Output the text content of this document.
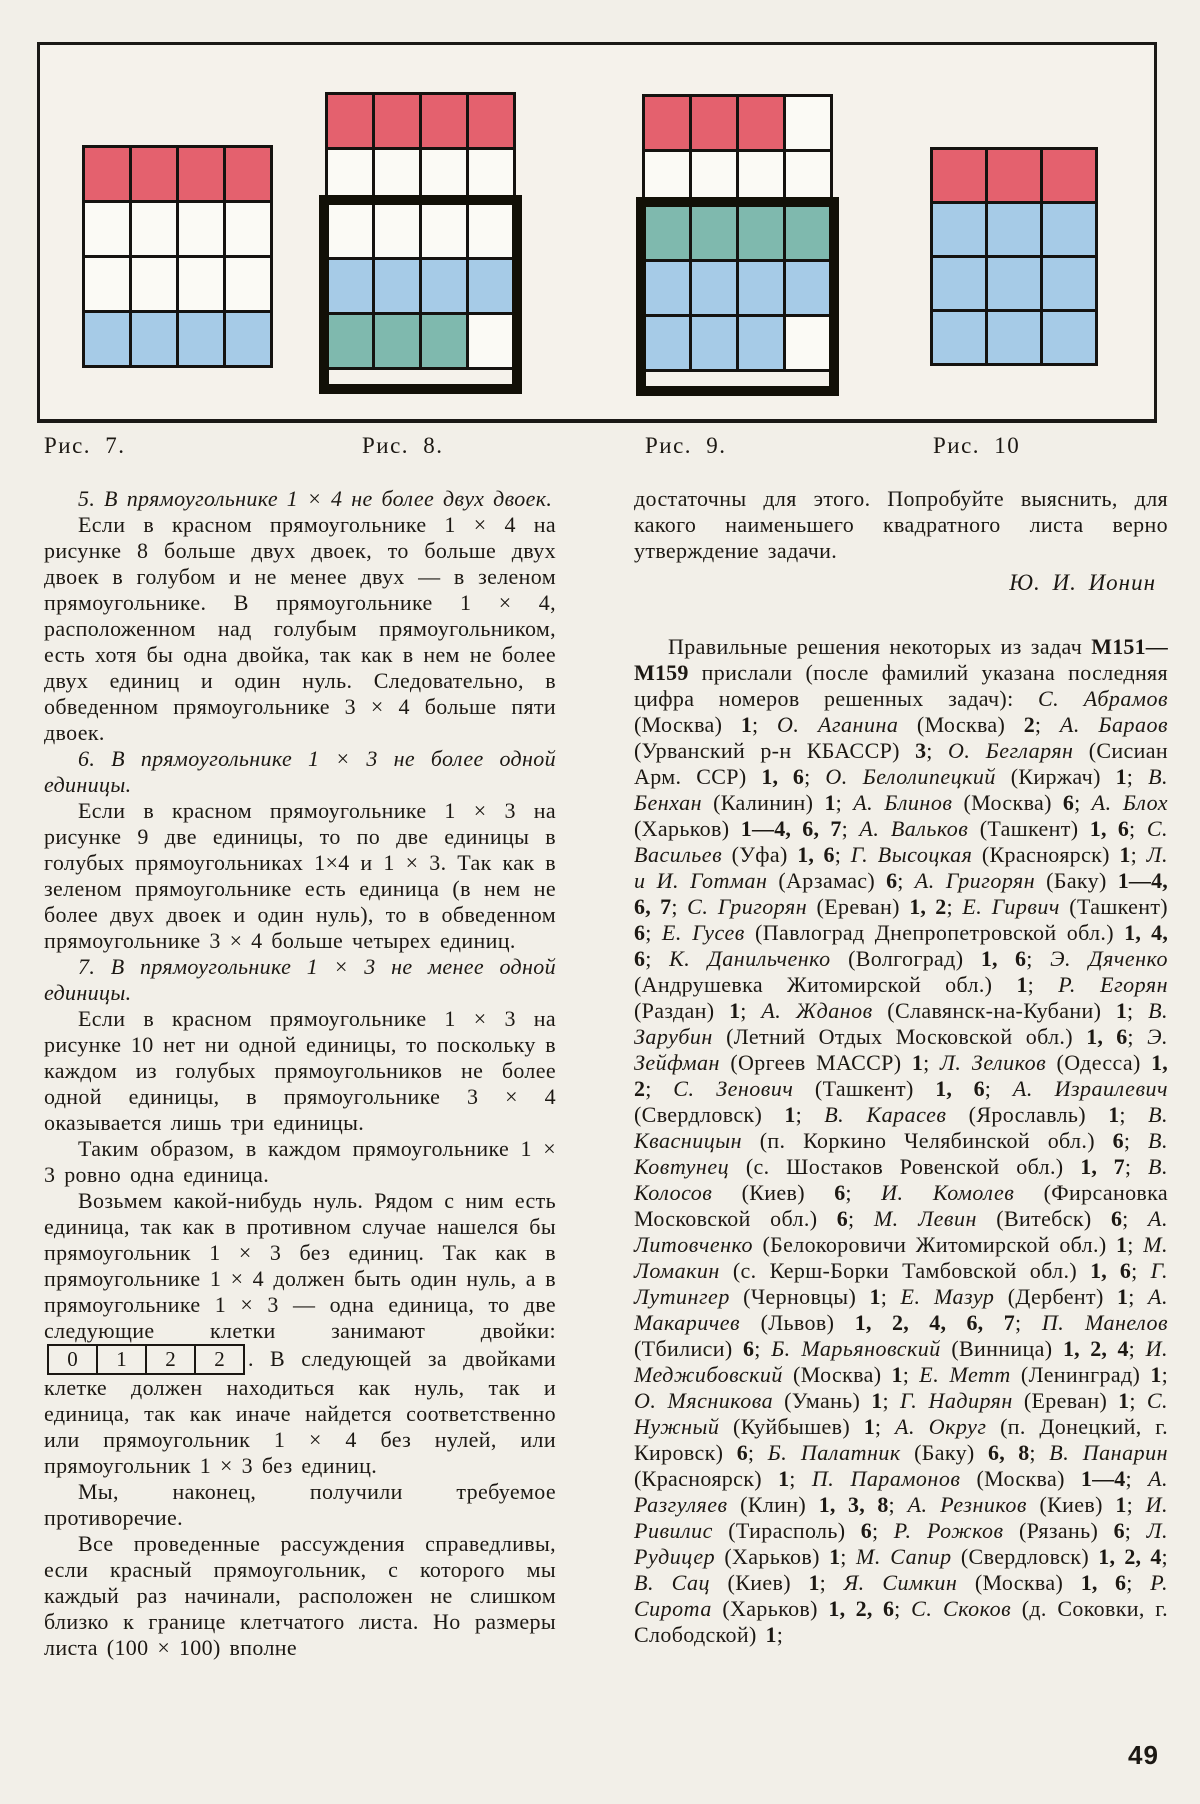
Рис. 7.	Рис. 8.	Рис. 9.	Рис. 10

5. В прямоугольнике 1 × 4 не более двух двоек.

Если в красном прямоугольнике 1 × 4 на рисунке 8 больше двух двоек, то больше двух двоек в голубом и не менее двух — в зеленом прямоугольнике. В прямоугольнике 1 × 4, расположенном над голубым прямоугольником, есть хотя бы одна двойка, так как в нем не более двух единиц и один нуль. Следовательно, в обведенном прямоугольнике 3 × 4 больше пяти двоек.

6. В прямоугольнике 1 × 3 не более одной единицы.

Если в красном прямоугольнике 1 × 3 на рисунке 9 две единицы, то по две единицы в голубых прямоугольниках 1×4 и 1 × 3. Так как в зеленом прямоугольнике есть единица (в нем не более двух двоек и один нуль), то в обведенном прямоугольнике 3 × 4 больше четырех единиц.

7. В прямоугольнике 1 × 3 не менее одной единицы.

Если в красном прямоугольнике 1 × 3 на рисунке 10 нет ни одной единицы, то поскольку в каждом из голубых прямоугольников не более одной единицы, в прямоугольнике 3 × 4 оказывается лишь три единицы.

Таким образом, в каждом прямоугольнике 1 × 3 ровно одна единица.

Возьмем какой-нибудь нуль. Рядом с ним есть единица, так как в противном случае нашелся бы прямоугольник 1 × 3 без единиц. Так как в прямоугольнике 1 × 4 должен быть один нуль, а в прямоугольнике 1 × 3 — одна единица, то две следующие клетки занимают двойки: 0	1	2	2 . В следующей за двойками клетке должен находиться как нуль, так и единица, так как иначе найдется соответственно или прямоугольник 1 × 4 без нулей, или прямоугольник 1 × 3 без единиц.

Мы, наконец, получили требуемое противоречие.

Все проведенные рассуждения справедливы, если красный прямоугольник, с которого мы каждый раз начинали, расположен не слишком близко к границе клетчатого листа. Но размеры листа (100 × 100) вполне

достаточны для этого. Попробуйте выяснить, для какого наименьшего квадратного листа верно утверждение задачи.

Ю. И. Ионин

Правильные решения некоторых из задач М151—М159 прислали (после фамилий указана последняя цифра номеров решенных задач): С. Абрамов (Москва) 1; О. Аганина (Москва) 2; А. Бараов (Урванский р-н КБАССР) 3; О. Бегларян (Сисиан Арм. ССР) 1, 6; О. Белолипецкий (Киржач) 1; В. Бенхан (Калинин) 1; А. Блинов (Москва) 6; А. Блох (Харьков) 1—4, 6, 7; А. Вальков (Ташкент) 1, 6; С. Васильев (Уфа) 1, 6; Г. Высоцкая (Красноярск) 1; Л. и И. Готман (Арзамас) 6; А. Григорян (Баку) 1—4, 6, 7; С. Григорян (Ереван) 1, 2; Е. Гирвич (Ташкент) 6; Е. Гусев (Павлоград Днепропетровской обл.) 1, 4, 6; К. Данильченко (Волгоград) 1, 6; Э. Дяченко (Андрушевка Житомирской обл.) 1; Р. Егорян (Раздан) 1; А. Жданов (Славянск-на-Кубани) 1; В. Зарубин (Летний Отдых Московской обл.) 1, 6; Э. Зейфман (Оргеев МАССР) 1; Л. Зеликов (Одесса) 1, 2; С. Зенович (Ташкент) 1, 6; А. Израилевич (Свердловск) 1; В. Карасев (Ярославль) 1; В. Квасницын (п. Коркино Челябинской обл.) 6; В. Ковтунец (с. Шостаков Ровенской обл.) 1, 7; В. Колосов (Киев) 6; И. Комолев (Фирсановка Московской обл.) 6; М. Левин (Витебск) 6; А. Литовченко (Белокоровичи Житомирской обл.) 1; М. Ломакин (с. Керш-Борки Тамбовской обл.) 1, 6; Г. Лутингер (Черновцы) 1; Е. Мазур (Дербент) 1; А. Макаричев (Львов) 1, 2, 4, 6, 7; П. Манелов (Тбилиси) 6; Б. Марьяновский (Винница) 1, 2, 4; И. Меджибовский (Москва) 1; Е. Метт (Ленинград) 1; О. Мясникова (Умань) 1; Г. Надирян (Ереван) 1; С. Нужный (Куйбышев) 1; А. Округ (п. Донецкий, г. Кировск) 6; Б. Палатник (Баку) 6, 8; В. Панарин (Красноярск) 1; П. Парамонов (Москва) 1—4; А. Разгуляев (Клин) 1, 3, 8; А. Резников (Киев) 1; И. Ривилис (Тирасполь) 6; Р. Рожков (Рязань) 6; Л. Рудицер (Харьков) 1; М. Сапир (Свердловск) 1, 2, 4; В. Сац (Киев) 1; Я. Симкин (Москва) 1, 6; Р. Сирота (Харьков) 1, 2, 6; С. Скоков (д. Соковки, г. Слободской) 1;

49
